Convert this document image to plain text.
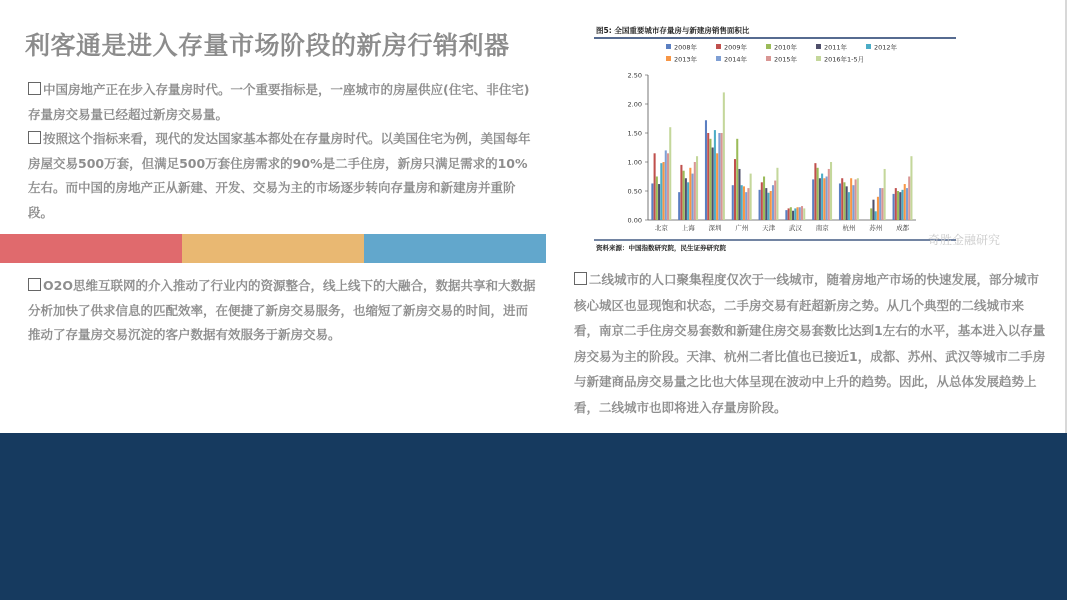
利客通是进入存量市场阶段的新房行销利器
中国房地产正在步入存量房时代。一个重要指标是，一座城市的房屋供应(住宅、非住宅)存量房交易量已经超过新房交易量。
按照这个指标来看，现代的发达国家基本都处在存量房时代。以美国住宅为例，美国每年房屋交易500万套，但满足500万套住房需求的90%是二手住房，新房只满足需求的10%左右。而中国的房地产正从新建、开发、交易为主的市场逐步转向存量房和新建房并重阶段。
O2O思维互联网的介入推动了行业内的资源整合，线上线下的大融合，数据共享和大数据分析加快了供求信息的匹配效率，在便捷了新房交易服务，也缩短了新房交易的时间，进而推动了存量房交易沉淀的客户数据有效服务于新房交易。
图5: 全国重要城市存量房与新建房销售面积比
2008年	2009年	2010年	2011年	2012年
2013年	2014年	2015年	2016年1-5月
0.00
0.50
1.00
1.50
2.00
2.50
北京 上海 深圳 广州 天津 武汉 南京 杭州 苏州 成都
资料来源：中国指数研究院，民生证券研究院
奇胜金融研究
二线城市的人口聚集程度仅次于一线城市，随着房地产市场的快速发展，部分城市核心城区也显现饱和状态，二手房交易有赶超新房之势。从几个典型的二线城市来看，南京二手住房交易套数和新建住房交易套数比达到1左右的水平，基本进入以存量房交易为主的阶段。天津、杭州二者比值也已接近1，成都、苏州、武汉等城市二手房与新建商品房交易量之比也大体呈现在波动中上升的趋势。因此，从总体发展趋势上看，二线城市也即将进入存量房阶段。
